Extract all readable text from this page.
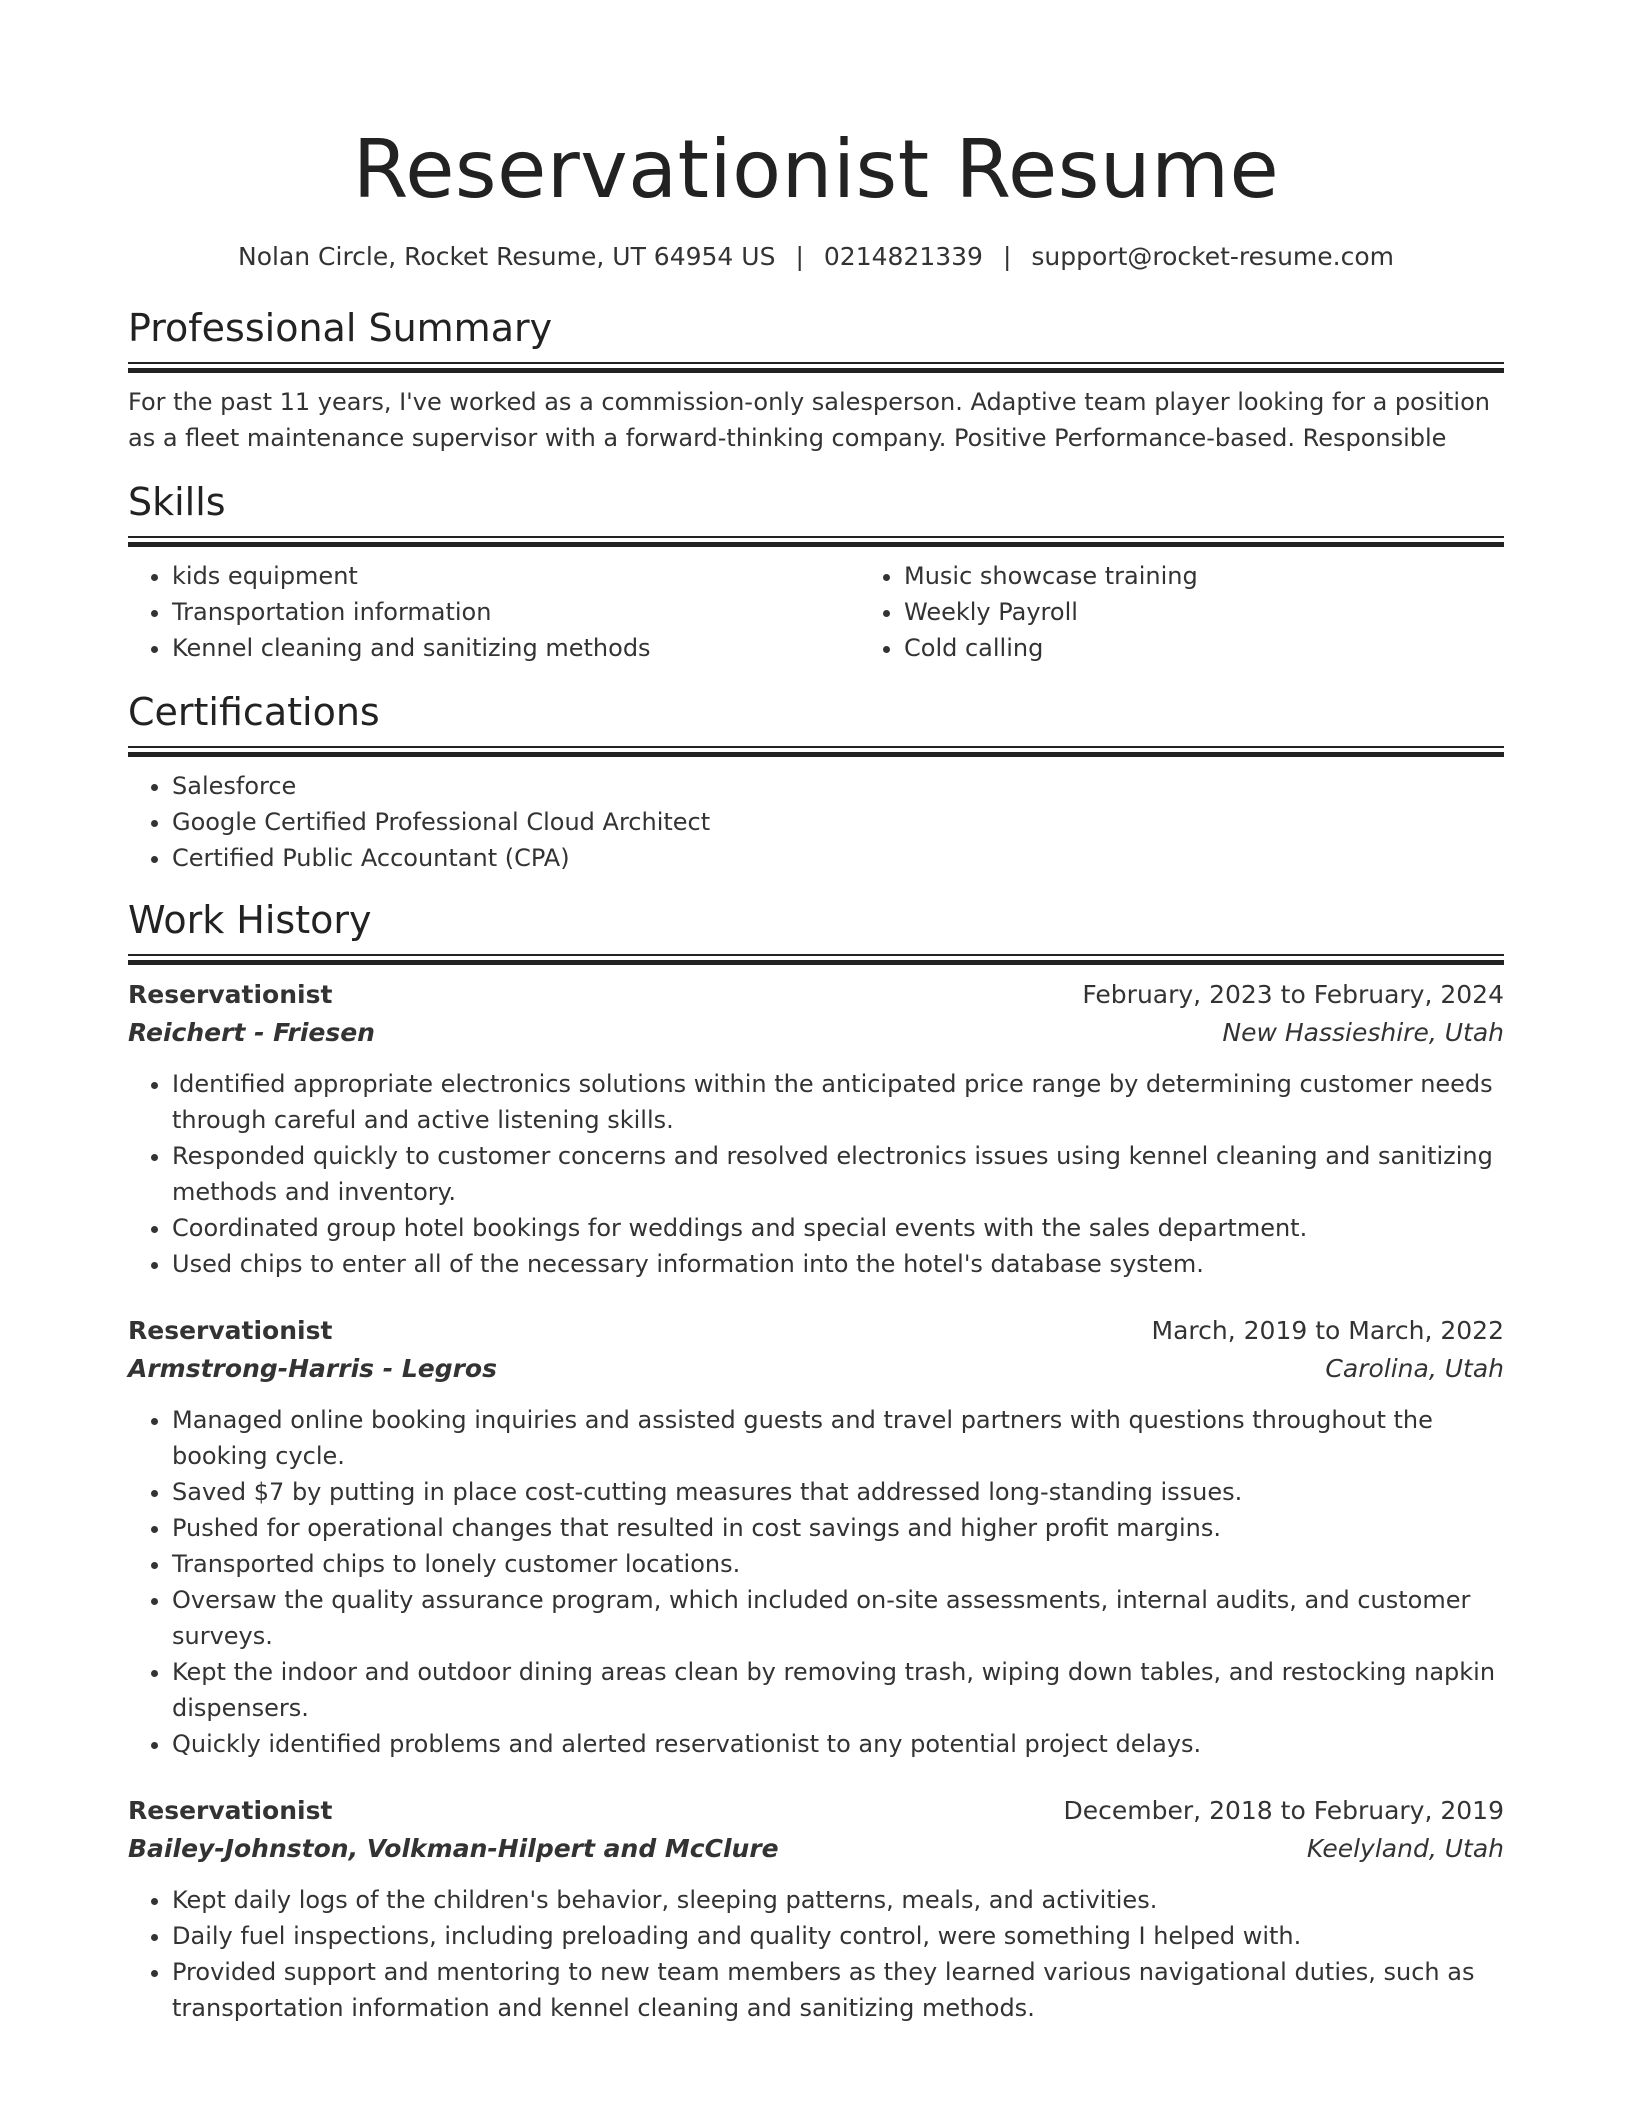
Reservationist Resume
Nolan Circle, Rocket Resume, UT 64954 US | 0214821339 | support@rocket-resume.com
Professional Summary

For the past 11 years, I've worked as a commission-only salesperson. Adaptive team player looking for a position as a fleet maintenance supervisor with a forward-thinking company. Positive Performance-based. Responsible

Skills
• kids equipment
• Transportation information
• Kennel cleaning and sanitizing methods
• Music showcase training
• Weekly Payroll
• Cold calling
Certifications
• Salesforce
• Google Certified Professional Cloud Architect
• Certified Public Accountant (CPA)
Work History
Reservationist	February, 2023 to February, 2024
Reichert - Friesen	New Hassieshire, Utah
• Identified appropriate electronics solutions within the anticipated price range by determining customer needs through careful and active listening skills.
• Responded quickly to customer concerns and resolved electronics issues using kennel cleaning and sanitizing methods and inventory.
• Coordinated group hotel bookings for weddings and special events with the sales department.
• Used chips to enter all of the necessary information into the hotel's database system.
Reservationist	March, 2019 to March, 2022
Armstrong-Harris - Legros	Carolina, Utah
• Managed online booking inquiries and assisted guests and travel partners with questions throughout the booking cycle.
• Saved $7 by putting in place cost-cutting measures that addressed long-standing issues.
• Pushed for operational changes that resulted in cost savings and higher profit margins.
• Transported chips to lonely customer locations.
• Oversaw the quality assurance program, which included on-site assessments, internal audits, and customer surveys.
• Kept the indoor and outdoor dining areas clean by removing trash, wiping down tables, and restocking napkin dispensers.
• Quickly identified problems and alerted reservationist to any potential project delays.
Reservationist	December, 2018 to February, 2019
Bailey-Johnston, Volkman-Hilpert and McClure	Keelyland, Utah
• Kept daily logs of the children's behavior, sleeping patterns, meals, and activities.
• Daily fuel inspections, including preloading and quality control, were something I helped with.
• Provided support and mentoring to new team members as they learned various navigational duties, such as transportation information and kennel cleaning and sanitizing methods.
